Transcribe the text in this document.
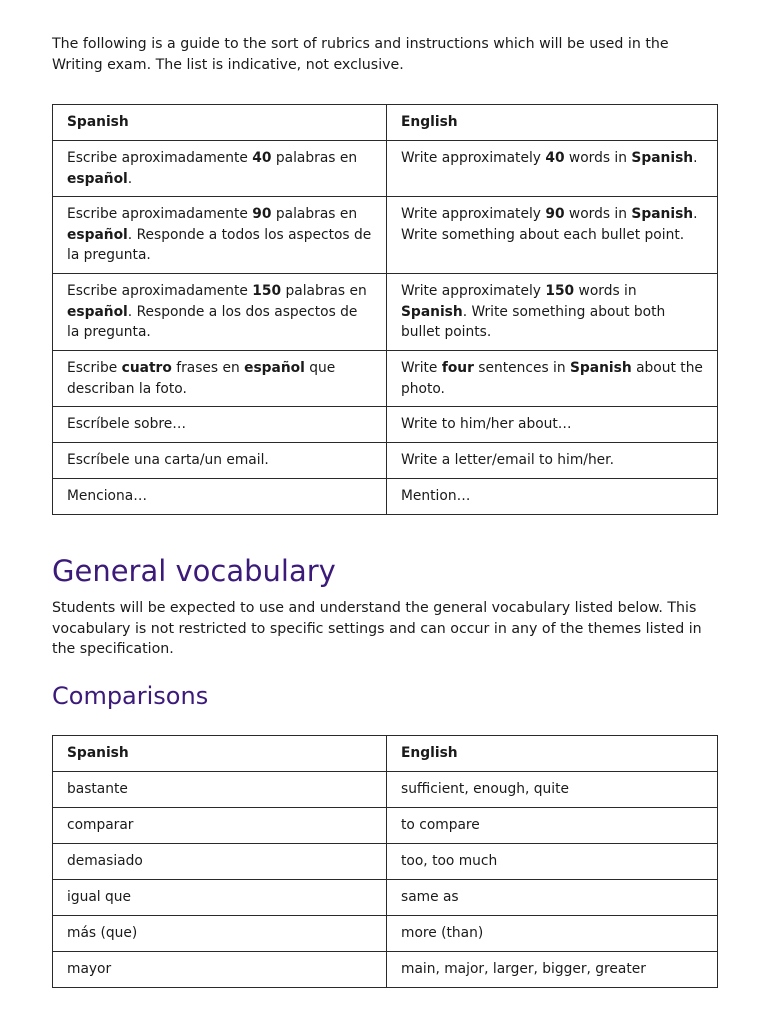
The following is a guide to the sort of rubrics and instructions which will be used in the Writing exam. The list is indicative, not exclusive.

Spanish	English
Escribe aproximadamente 40 palabras en español.	Write approximately 40 words in Spanish.
Escribe aproximadamente 90 palabras en español. Responde a todos los aspectos de la pregunta.	Write approximately 90 words in Spanish. Write something about each bullet point.
Escribe aproximadamente 150 palabras en español. Responde a los dos aspectos de la pregunta.	Write approximately 150 words in Spanish. Write something about both bullet points.
Escribe cuatro frases en español que describan la foto.	Write four sentences in Spanish about the photo.
Escríbele sobre…	Write to him/her about…
Escríbele una carta/un email.	Write a letter/email to him/her.
Menciona…	Mention…
General vocabulary

Students will be expected to use and understand the general vocabulary listed below. This vocabulary is not restricted to specific settings and can occur in any of the themes listed in the specification.

Comparisons
Spanish	English
bastante	sufficient, enough, quite
comparar	to compare
demasiado	too, too much
igual que	same as
más (que)	more (than)
mayor	main, major, larger, bigger, greater
